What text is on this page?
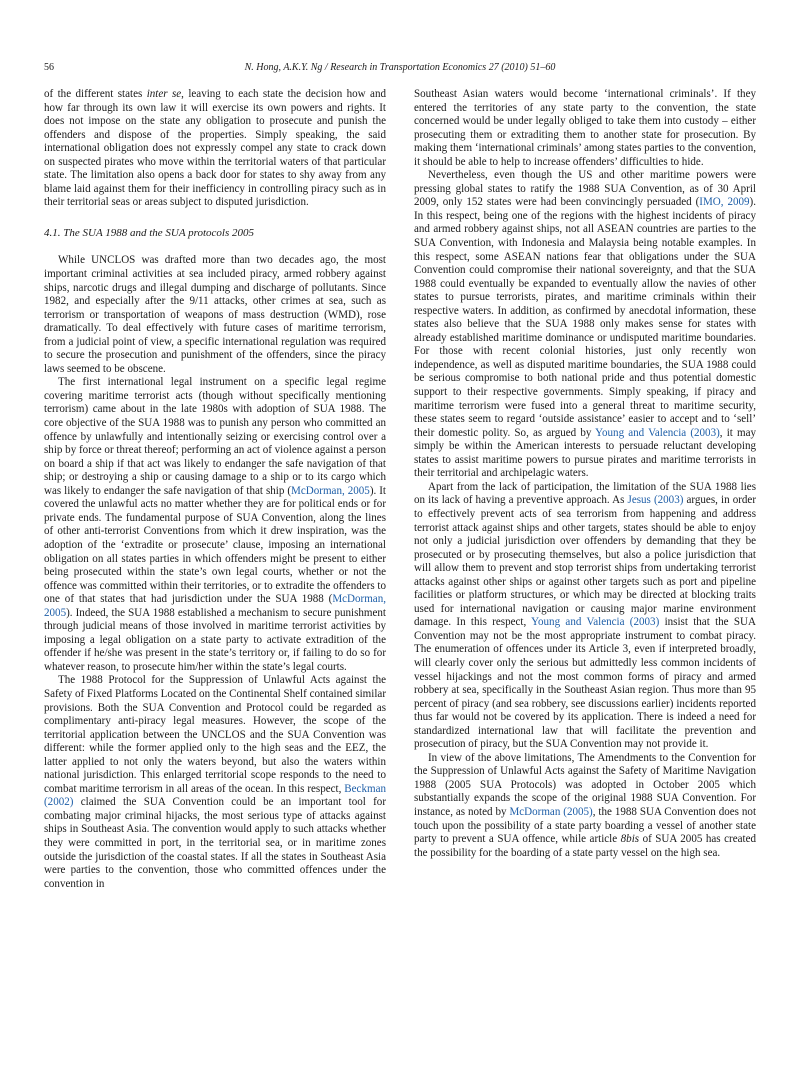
56	N. Hong, A.K.Y. Ng / Research in Transportation Economics 27 (2010) 51–60

of the different states inter se, leaving to each state the decision how and how far through its own law it will exercise its own powers and rights. It does not impose on the state any obligation to prosecute and punish the offenders and dispose of the properties. Simply speaking, the said international obligation does not expressly compel any state to crack down on suspected pirates who move within the territorial waters of that particular state. The limitation also opens a back door for states to shy away from any blame laid against them for their inefficiency in controlling piracy such as in their territorial seas or areas subject to disputed jurisdiction.

4.1. The SUA 1988 and the SUA protocols 2005

While UNCLOS was drafted more than two decades ago, the most important criminal activities at sea included piracy, armed robbery against ships, narcotic drugs and illegal dumping and discharge of pollutants. Since 1982, and especially after the 9/11 attacks, other crimes at sea, such as terrorism or transportation of weapons of mass destruction (WMD), rose dramatically. To deal effectively with future cases of maritime terrorism, from a judicial point of view, a specific international regulation was required to secure the prosecution and punishment of the offenders, since the piracy laws seemed to be obscene.

The first international legal instrument on a specific legal regime covering maritime terrorist acts (though without specifically mentioning terrorism) came about in the late 1980s with adoption of SUA 1988. The core objective of the SUA 1988 was to punish any person who committed an offence by unlawfully and intentionally seizing or exercising control over a ship by force or threat thereof; performing an act of violence against a person on board a ship if that act was likely to endanger the safe navigation of that ship; or destroying a ship or causing damage to a ship or to its cargo which was likely to endanger the safe navigation of that ship (McDorman, 2005). It covered the unlawful acts no matter whether they are for political ends or for private ends. The fundamental purpose of SUA Convention, along the lines of other anti-terrorist Conventions from which it drew inspiration, was the adoption of the ‘extradite or prosecute’ clause, imposing an international obligation on all states parties in which offenders might be present to either being prosecuted within the state’s own legal courts, whether or not the offence was committed within their territories, or to extradite the offenders to one of that states that had jurisdiction under the SUA 1988 (McDorman, 2005). Indeed, the SUA 1988 established a mechanism to secure punishment through judicial means of those involved in maritime terrorist activities by imposing a legal obligation on a state party to activate extradition of the offender if he/she was present in the state’s territory or, if failing to do so for whatever reason, to prosecute him/her within the state’s legal courts.

The 1988 Protocol for the Suppression of Unlawful Acts against the Safety of Fixed Platforms Located on the Continental Shelf contained similar provisions. Both the SUA Convention and Protocol could be regarded as complimentary anti-piracy legal measures. However, the scope of the territorial application between the UNCLOS and the SUA Convention was different: while the former applied only to the high seas and the EEZ, the latter applied to not only the waters beyond, but also the waters within national jurisdiction. This enlarged territorial scope responds to the need to combat maritime terrorism in all areas of the ocean. In this respect, Beckman (2002) claimed the SUA Convention could be an important tool for combating major criminal hijacks, the most serious type of attacks against ships in Southeast Asia. The convention would apply to such attacks whether they were committed in port, in the territorial sea, or in maritime zones outside the jurisdiction of the coastal states. If all the states in Southeast Asia were parties to the convention, those who committed offences under the convention in

Southeast Asian waters would become ‘international criminals’. If they entered the territories of any state party to the convention, the state concerned would be under legally obliged to take them into custody – either prosecuting them or extraditing them to another state for prosecution. By making them ‘international criminals’ among states parties to the convention, it should be able to help to increase offenders’ difficulties to hide.

Nevertheless, even though the US and other maritime powers were pressing global states to ratify the 1988 SUA Convention, as of 30 April 2009, only 152 states were had been convincingly persuaded (IMO, 2009). In this respect, being one of the regions with the highest incidents of piracy and armed robbery against ships, not all ASEAN countries are parties to the SUA Convention, with Indonesia and Malaysia being notable examples. In this respect, some ASEAN nations fear that obligations under the SUA Convention could compromise their national sovereignty, and that the SUA 1988 could eventually be expanded to eventually allow the navies of other states to pursue terrorists, pirates, and maritime criminals within their respective waters. In addition, as confirmed by anecdotal information, these states also believe that the SUA 1988 only makes sense for states with already established maritime dominance or undisputed maritime boundaries. For those with recent colonial histories, just only recently won independence, as well as disputed maritime boundaries, the SUA 1988 could be serious compromise to both national pride and thus potential domestic support to their respective governments. Simply speaking, if piracy and maritime terrorism were fused into a general threat to maritime security, these states seem to regard ‘outside assistance’ easier to accept and to ‘sell’ their domestic polity. So, as argued by Young and Valencia (2003), it may simply be within the American interests to persuade reluctant developing states to assist maritime powers to pursue pirates and maritime terrorists in their territorial and archipelagic waters.

Apart from the lack of participation, the limitation of the SUA 1988 lies on its lack of having a preventive approach. As Jesus (2003) argues, in order to effectively prevent acts of sea terrorism from happening and address terrorist attack against ships and other targets, states should be able to enjoy not only a judicial jurisdiction over offenders by demanding that they be prosecuted or by prosecuting themselves, but also a police jurisdiction that will allow them to prevent and stop terrorist ships from undertaking terrorist attacks against other ships or against other targets such as port and pipeline facilities or platform structures, or which may be directed at blocking traits used for international navigation or causing major marine environment damage. In this respect, Young and Valencia (2003) insist that the SUA Convention may not be the most appropriate instrument to combat piracy. The enumeration of offences under its Article 3, even if interpreted broadly, will clearly cover only the serious but admittedly less common incidents of vessel hijackings and not the most common forms of piracy and armed robbery at sea, specifically in the Southeast Asian region. Thus more than 95 percent of piracy (and sea robbery, see discussions earlier) incidents reported thus far would not be covered by its application. There is indeed a need for standardized international law that will facilitate the prevention and prosecution of piracy, but the SUA Convention may not provide it.

In view of the above limitations, The Amendments to the Convention for the Suppression of Unlawful Acts against the Safety of Maritime Navigation 1988 (2005 SUA Protocols) was adopted in October 2005 which substantially expands the scope of the original 1988 SUA Convention. For instance, as noted by McDorman (2005), the 1988 SUA Convention does not touch upon the possibility of a state party boarding a vessel of another state party to prevent a SUA offence, while article 8bis of SUA 2005 has created the possibility for the boarding of a state party vessel on the high sea.
